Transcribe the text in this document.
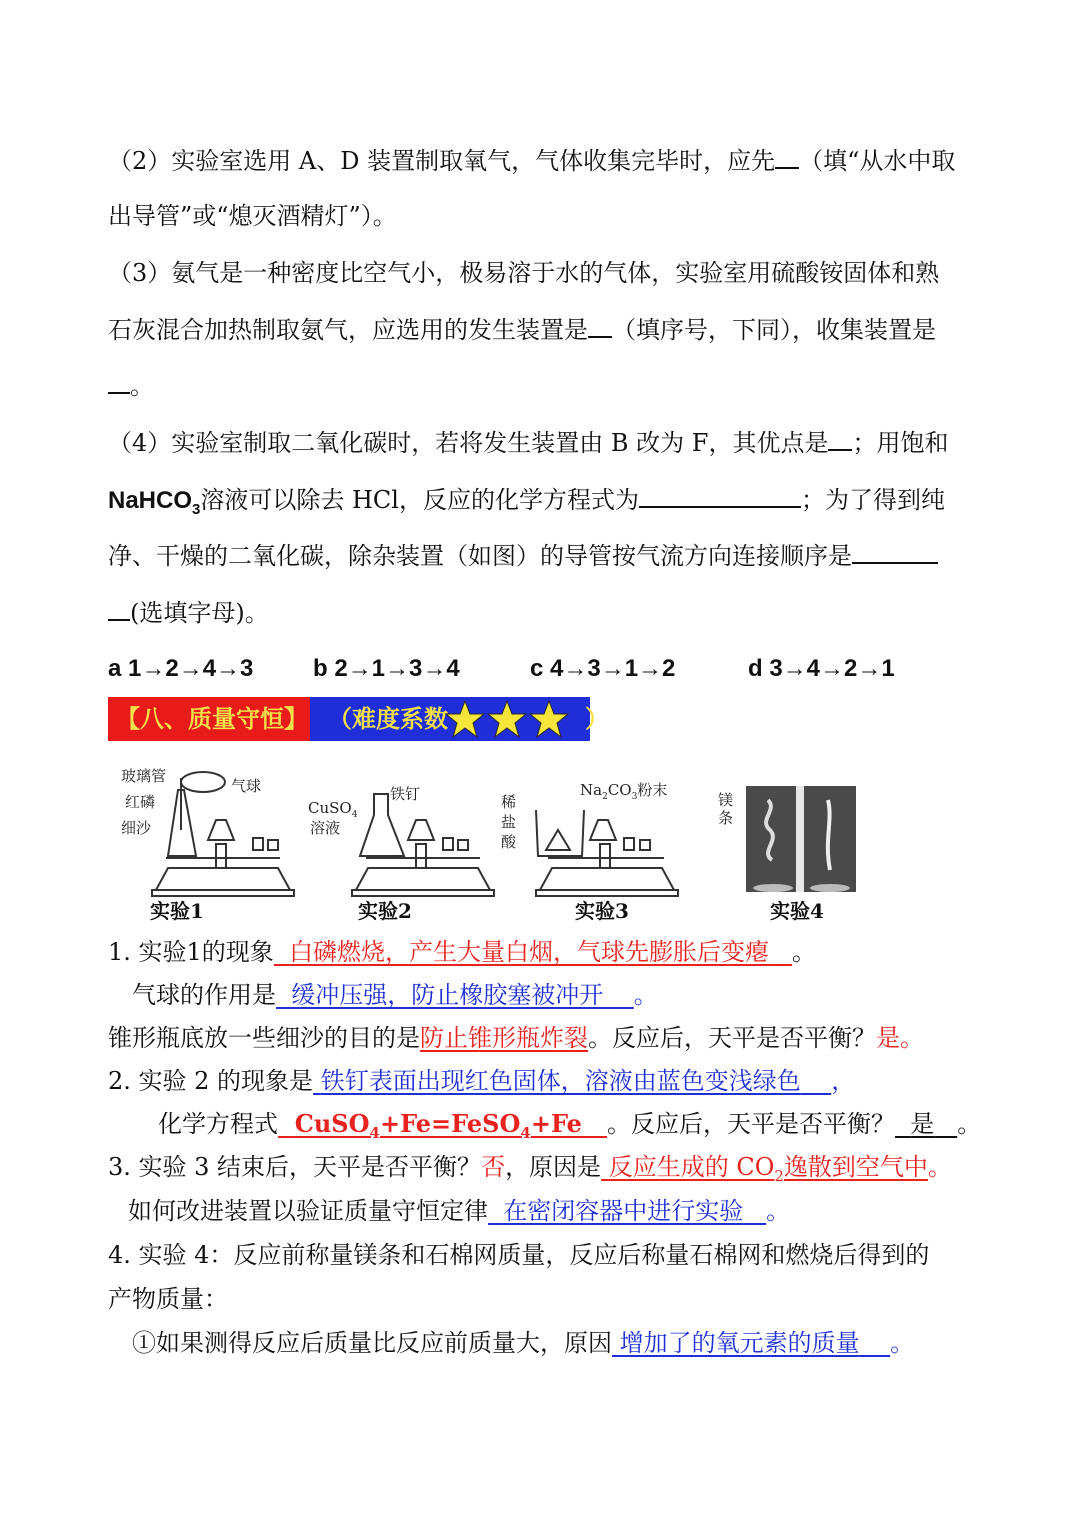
（2）实验室选用 A、D 装置制取氧气，气体收集完毕时，应先 （填“从水中取
出导管”或“熄灭酒精灯”）。
（3）氨气是一种密度比空气小，极易溶于水的气体，实验室用硫酸铵固体和熟
石灰混合加热制取氨气，应选用的发生装置是 （填序号，下同），收集装置是
。
（4）实验室制取二氧化碳时，若将发生装置由 B 改为 F，其优点是 ；用饱和
NaHCO$_3$溶液可以除去 HCl，反应的化学方程式为	；为了得到纯
净、干燥的二氧化碳，除杂装置（如图）的导管按气流方向连接顺序是
(选填字母)。
a 1→2→4→3 b 2→1→3→4	c 4→3→1→2	d 3→4→2→1
【八、质量守恒】 （难度系数	）
玻璃管
气球
红磷
细沙
CuSO$_4$
溶液
铁钉	$Na_2CO_3$粉末
稀
盐
酸
镁
条
实验1	实验2	实验3	实验4
1. 实验1的现象 白磷燃烧，产生大量白烟，气球先膨胀后变瘪 。
气球的作用是 缓冲压强，防止橡胶塞被冲开 。
锥形瓶底放一些细沙的目的是防止锥形瓶炸裂。反应后，天平是否平衡？是。
2. 实验 2 的现象是 铁钉表面出现红色固体，溶液由蓝色变浅绿色 ，
化学方程式 CuSO$_4$+Fe=FeSO$_4$+Fe 。反应后，天平是否平衡？ 是 。
3. 实验 3 结束后，天平是否平衡？否，原因是 反应生成的 $CO_2$逸散到空气中。
如何改进装置以验证质量守恒定律 在密闭容器中进行实验 。
4. 实验 4：反应前称量镁条和石棉网质量，反应后称量石棉网和燃烧后得到的
产物质量：
①如果测得反应后质量比反应前质量大，原因 增加了的氧元素的质量 。
